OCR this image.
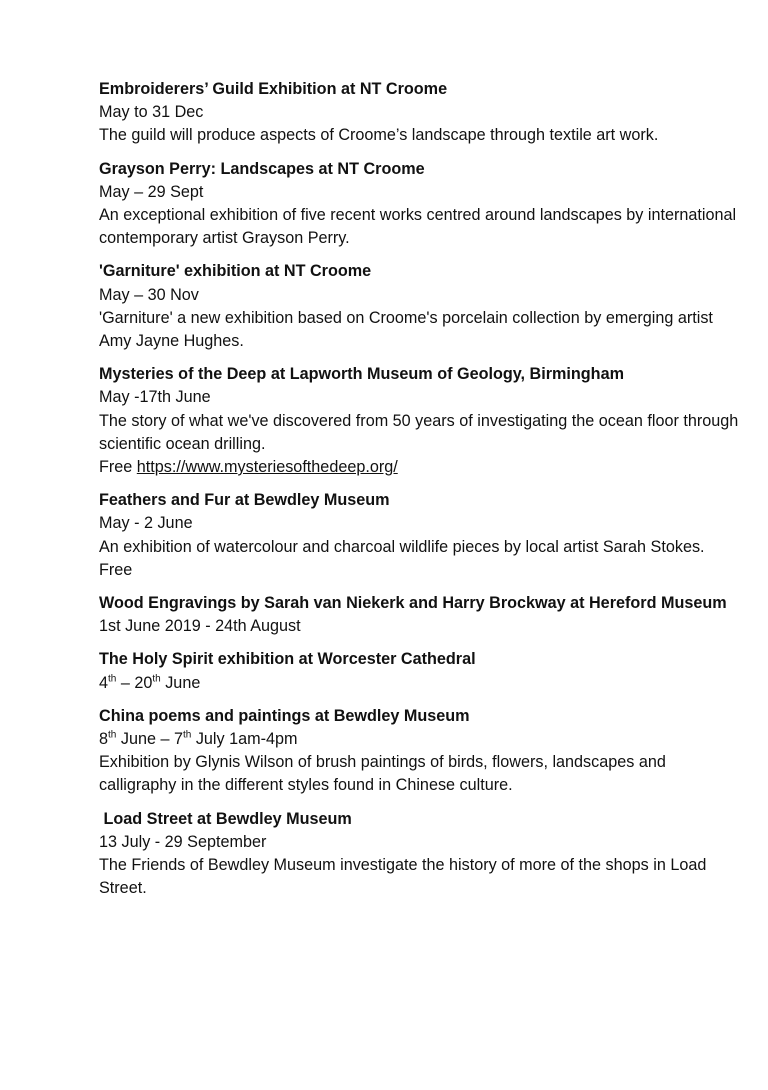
Embroiderers’ Guild Exhibition at NT Croome

May to 31 Dec

The guild will produce aspects of Croome’s landscape through textile art work.

Grayson Perry: Landscapes at NT Croome

May – 29 Sept

An exceptional exhibition of five recent works centred around landscapes by international contemporary artist Grayson Perry.

'Garniture' exhibition at NT Croome

May – 30 Nov

'Garniture' a new exhibition based on Croome's porcelain collection by emerging artist Amy Jayne Hughes.

Mysteries of the Deep at Lapworth Museum of Geology, Birmingham

May -17th June

The story of what we've discovered from 50 years of investigating the ocean floor through scientific ocean drilling.

Free https://www.mysteriesofthedeep.org/

Feathers and Fur at Bewdley Museum

May - 2 June

An exhibition of watercolour and charcoal wildlife pieces by local artist Sarah Stokes.  Free

Wood Engravings by Sarah van Niekerk and Harry Brockway at Hereford Museum

1st June 2019 - 24th August

The Holy Spirit exhibition at Worcester Cathedral

4th – 20th June

China poems and paintings at Bewdley Museum

8th June – 7th July 1am-4pm

Exhibition by Glynis Wilson of brush paintings of birds, flowers, landscapes and calligraphy in the different styles found in Chinese culture.

Load Street at Bewdley Museum

13 July - 29 September

The Friends of Bewdley Museum investigate the history of more of the shops in Load Street.
